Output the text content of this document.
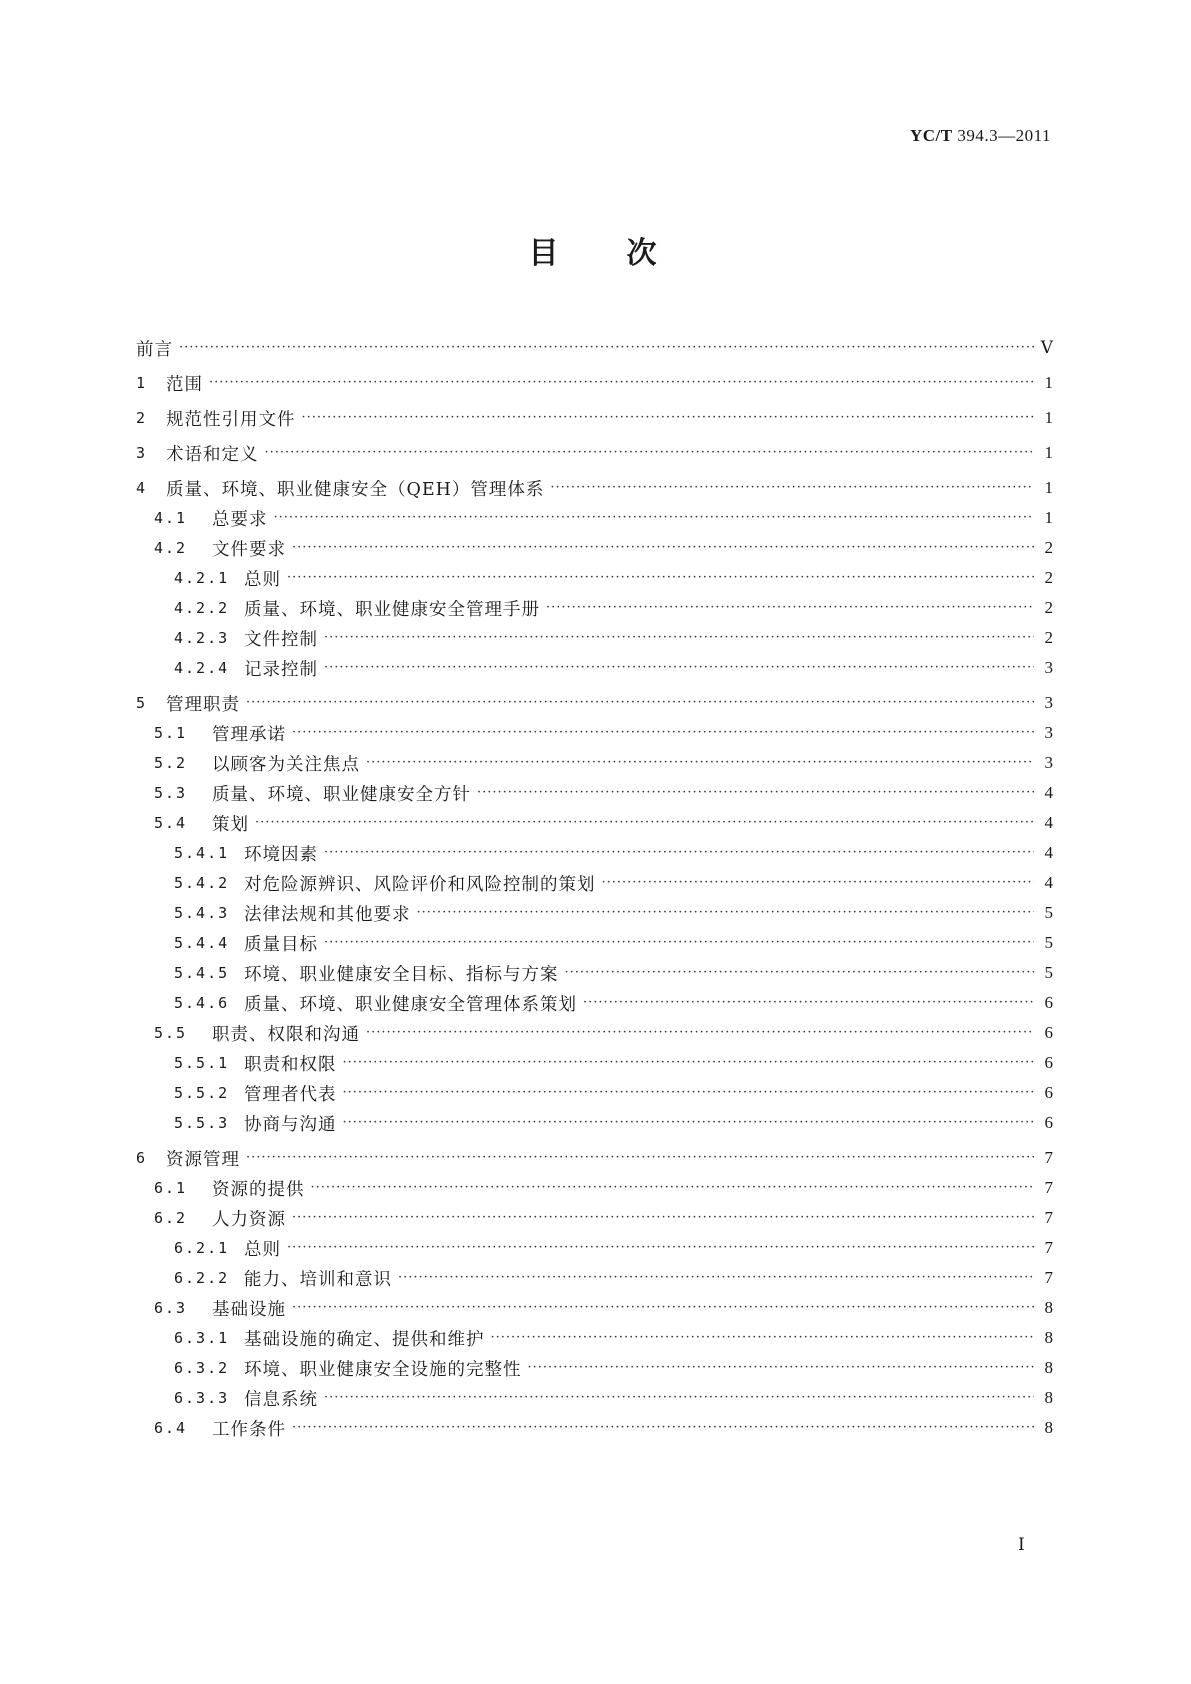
YC/T 394.3—2011
目 次
前言 ·····	Ⅴ
1	范围 ·····	1
2	规范性引用文件 ·····	1
3	术语和定义 ·····	1
4	质量、环境、职业健康安全（QEH）管理体系 ·····	1
4.1	总要求 ·····	1
4.2	文件要求 ·····	2
4.2.1 总则 ·····	2
4.2.2 质量、环境、职业健康安全管理手册 ·····	2
4.2.3 文件控制 ·····	2
4.2.4 记录控制 ·····	3
5	管理职责 ·····	3
5.1	管理承诺 ·····	3
5.2	以顾客为关注焦点 ·····	3
5.3	质量、环境、职业健康安全方针 ·····	4
5.4	策划 ·····	4
5.4.1 环境因素 ·····	4
5.4.2 对危险源辨识、风险评价和风险控制的策划 ·····	4
5.4.3 法律法规和其他要求 ·····	5
5.4.4 质量目标 ·····	5
5.4.5 环境、职业健康安全目标、指标与方案 ·····	5
5.4.6 质量、环境、职业健康安全管理体系策划 ·····	6
5.5	职责、权限和沟通 ·····	6
5.5.1 职责和权限 ·····	6
5.5.2 管理者代表 ·····	6
5.5.3 协商与沟通 ·····	6
6	资源管理 ·····	7
6.1	资源的提供 ·····	7
6.2	人力资源 ·····	7
6.2.1 总则 ·····	7
6.2.2 能力、培训和意识 ·····	7
6.3	基础设施 ·····	8
6.3.1 基础设施的确定、提供和维护 ·····	8
6.3.2 环境、职业健康安全设施的完整性 ·····	8
6.3.3 信息系统 ·····	8
6.4	工作条件 ·····	8
Ⅰ
